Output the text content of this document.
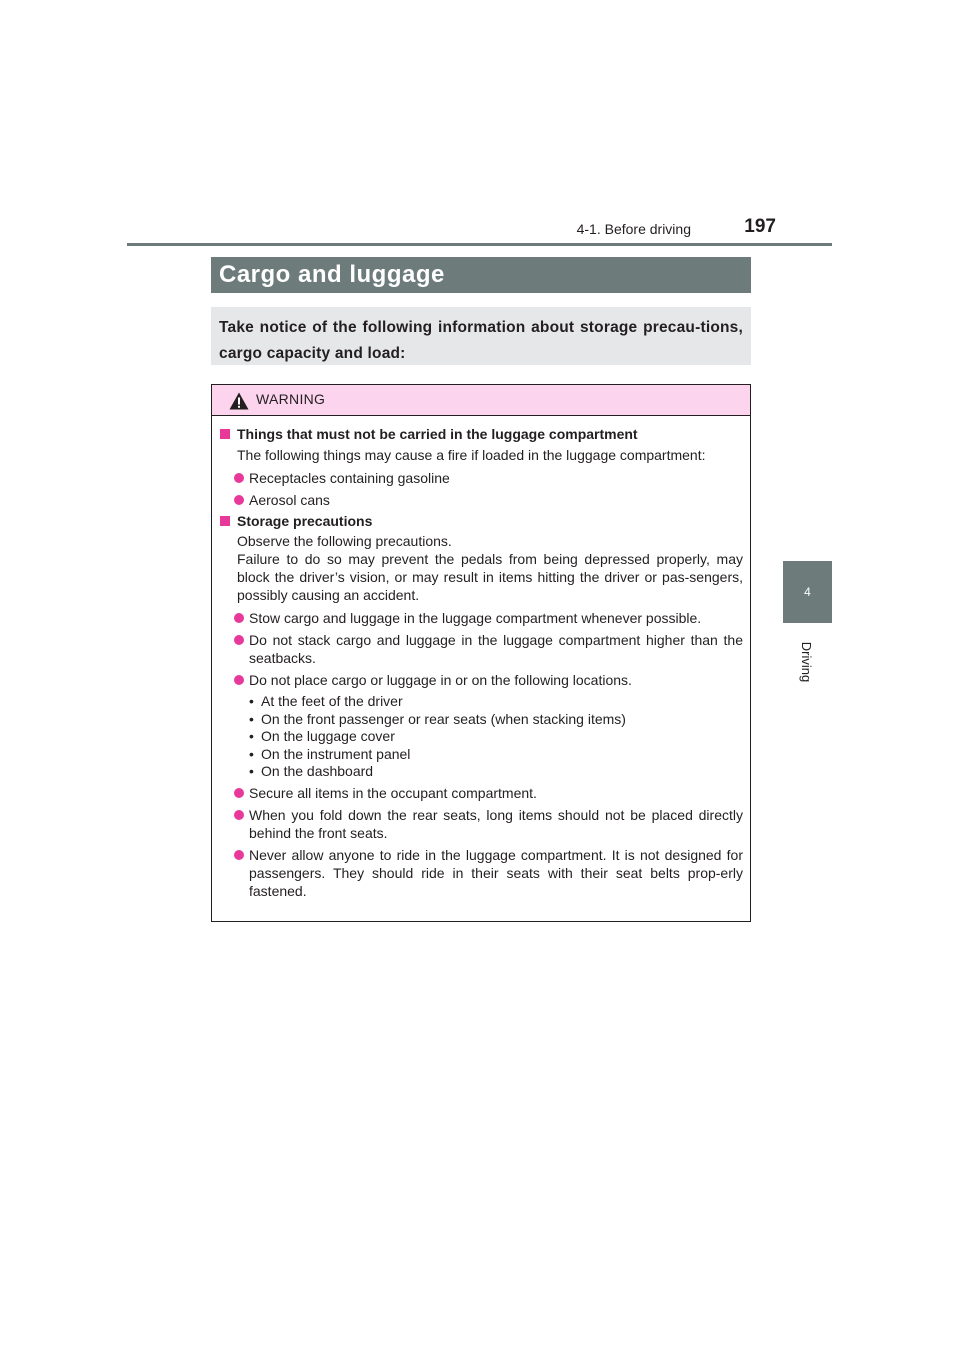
4-1. Before driving	197
4
Driving
Cargo and luggage
Take notice of the following information about storage precau-tions, cargo capacity and load:
WARNING
Things that must not be carried in the luggage compartment
The following things may cause a fire if loaded in the luggage compartment:
Receptacles containing gasoline
Aerosol cans
Storage precautions
Observe the following precautions.
Failure to do so may prevent the pedals from being depressed properly, may block the driver’s vision, or may result in items hitting the driver or pas-sengers, possibly causing an accident.
Stow cargo and luggage in the luggage compartment whenever possible.
Do not stack cargo and luggage in the luggage compartment higher than the seatbacks.
Do not place cargo or luggage in or on the following locations.
• At the feet of the driver
• On the front passenger or rear seats (when stacking items)
• On the luggage cover
• On the instrument panel
• On the dashboard
Secure all items in the occupant compartment.
When you fold down the rear seats, long items should not be placed directly behind the front seats.
Never allow anyone to ride in the luggage compartment. It is not designed for passengers. They should ride in their seats with their seat belts prop-erly fastened.
